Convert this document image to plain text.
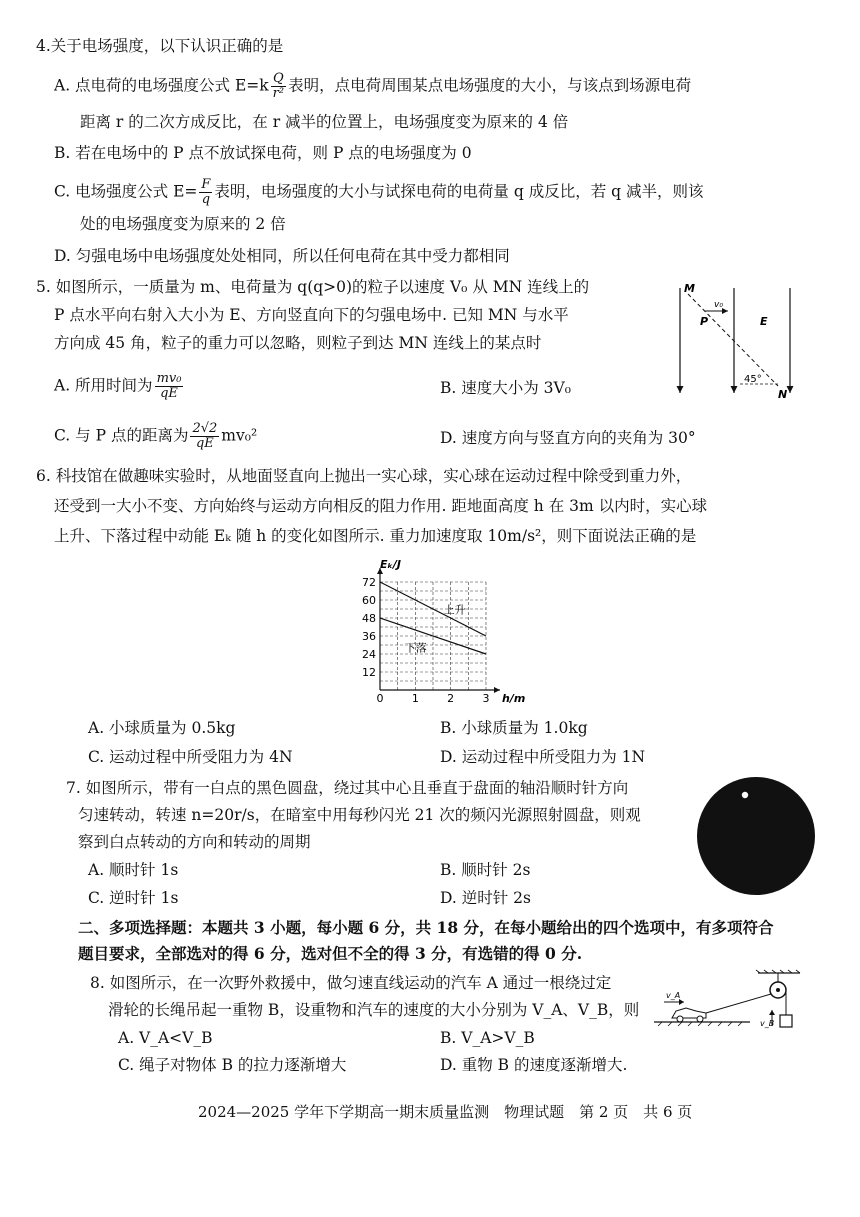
4.关于电场强度，以下认识正确的是
A. 点电荷的电场强度公式 $E=k \frac{Q}{\text{r²}}$ 表明，点电荷周围某点电场强度的大小，与该点到场源电荷
距离 r 的二次方成反比，在 r 减半的位置上，电场强度变为原来的 4 倍
B. 若在电场中的 P 点不放试探电荷，则 P 点的电场强度为 0
C. 电场强度公式 $E= \frac{F}{q}$ 表明，电场强度的大小与试探电荷的电荷量 q 成反比，若 q 减半，则该
处的电场强度变为原来的 2 倍
D. 匀强电场中电场强度处处相同，所以任何电荷在其中受力都相同
5. 如图所示，一质量为 m、电荷量为 q(q>0)的粒子以速度 V₀ 从 MN 连线上的
P 点水平向右射入大小为 E、方向竖直向下的匀强电场中. 已知 MN 与水平
方向成 45 角，粒子的重力可以忽略，则粒子到达 MN 连线上的某点时
A. 所用时间为 $\frac{\text{mv₀}}{qE}$	B. 速度大小为 3V₀
C. 与 P 点的距离为 $\frac{2√2}{qE} mv_0^2$	D. 速度方向与竖直方向的夹角为 30°
M
P
v₀
E
45°
N
6. 科技馆在做趣味实验时，从地面竖直向上抛出一实心球，实心球在运动过程中除受到重力外，
还受到一大小不变、方向始终与运动方向相反的阻力作用. 距地面高度 h 在 3m 以内时，实心球
上升、下落过程中动能 Eₖ 随 h 的变化如图所示. 重力加速度取 10m/s²，则下面说法正确的是
0	1	2	3
12
24
36
48
60
72
上升
下落
Eₖ/J
h/m
A. 小球质量为 0.5kg	B. 小球质量为 1.0kg
C. 运动过程中所受阻力为 4N	D. 运动过程中所受阻力为 1N
7. 如图所示，带有一白点的黑色圆盘，绕过其中心且垂直于盘面的轴沿顺时针方向
匀速转动，转速 n=20r/s，在暗室中用每秒闪光 21 次的频闪光源照射圆盘，则观
察到白点转动的方向和转动的周期
A. 顺时针 1s	B. 顺时针 2s
C. 逆时针 1s	D. 逆时针 2s
二、多项选择题：本题共 3 小题，每小题 6 分，共 18 分，在每小题给出的四个选项中，有多项符合
题目要求，全部选对的得 6 分，选对但不全的得 3 分，有选错的得 0 分.
8. 如图所示，在一次野外救援中，做匀速直线运动的汽车 A 通过一根绕过定
滑轮的长绳吊起一重物 B，设重物和汽车的速度的大小分别为 V_A、V_B，则
A. V_A<V_B	B. V_A>V_B
C. 绳子对物体 B 的拉力逐渐增大	D. 重物 B 的速度逐渐增大.
v_B
v_A
2024—2025 学年下学期高一期末质量监测　物理试题　第 2 页　共 6 页
